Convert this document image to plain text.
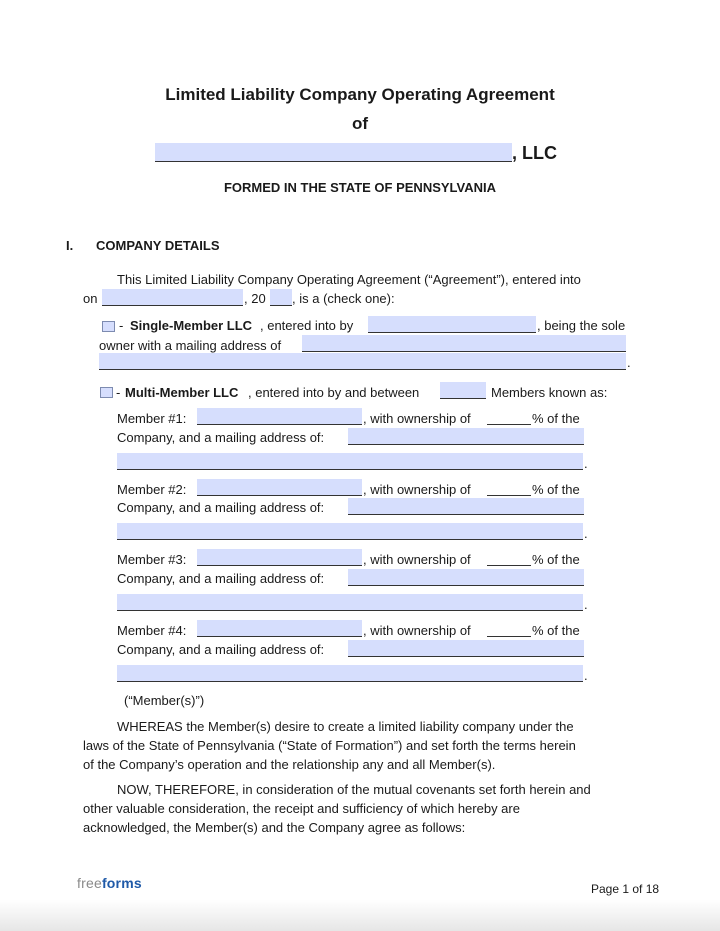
Limited Liability Company Operating Agreement
of
, LLC
FORMED IN THE STATE OF PENNSYLVANIA
I. COMPANY DETAILS
This Limited Liability Company Operating Agreement (“Agreement”), entered into
on	, 20 , is a (check one):
- Single-Member LLC , entered into by	, being the sole
owner with a mailing address of
.
- Multi-Member LLC , entered into by and between	Members known as:
Member #1:	, with ownership of	% of the
Company, and a mailing address of:
.
Member #2:	, with ownership of	% of the
Company, and a mailing address of:
.
Member #3:	, with ownership of	% of the
Company, and a mailing address of:
.
Member #4:	, with ownership of	% of the
Company, and a mailing address of:
.
(“Member(s)”)
WHEREAS the Member(s) desire to create a limited liability company under the
laws of the State of Pennsylvania (“State of Formation”) and set forth the terms herein
of the Company’s operation and the relationship any and all Member(s).
NOW, THEREFORE, in consideration of the mutual covenants set forth herein and
other valuable consideration, the receipt and sufficiency of which hereby are
acknowledged, the Member(s) and the Company agree as follows:
freeforms	Page 1 of 18
